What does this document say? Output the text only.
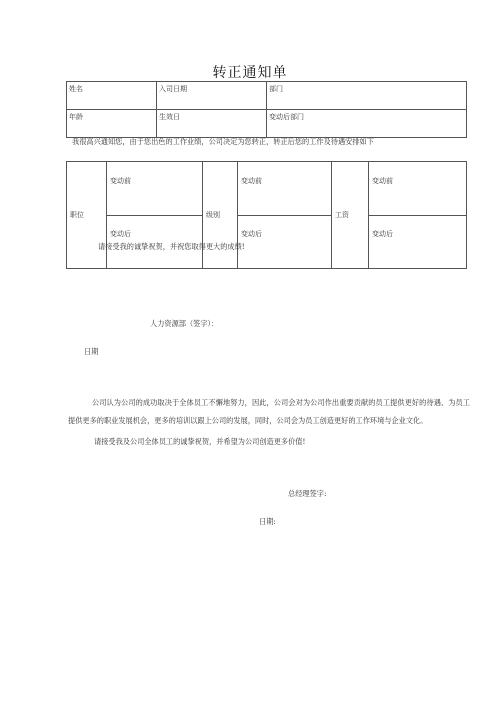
转正通知单
姓名	入司日期	部门
年龄	生效日	变动后部门
我很高兴通知您，由于您出色的工作业绩，公司决定为您转正，转正后您的工作及待遇安排如下
职位	变动前	级别	变动前	工资	变动前
	变动后		变动后		变动后
请接受我的诚挚祝贺，并祝您取得更大的成绩!
人力资源部（签字）：
日期
公司认为公司的成功取决于全体员工不懈地努力，因此，公司会对为公司作出重要贡献的员工提供更好的待遇、为员工提供更多的职业发展机会，更多的培训以跟上公司的发展，同时，公司会为员工创造更好的工作环境与企业文化。
请接受我及公司全体员工的诚挚祝贺，并希望为公司创造更多价值!
总经理签字:
日期:
